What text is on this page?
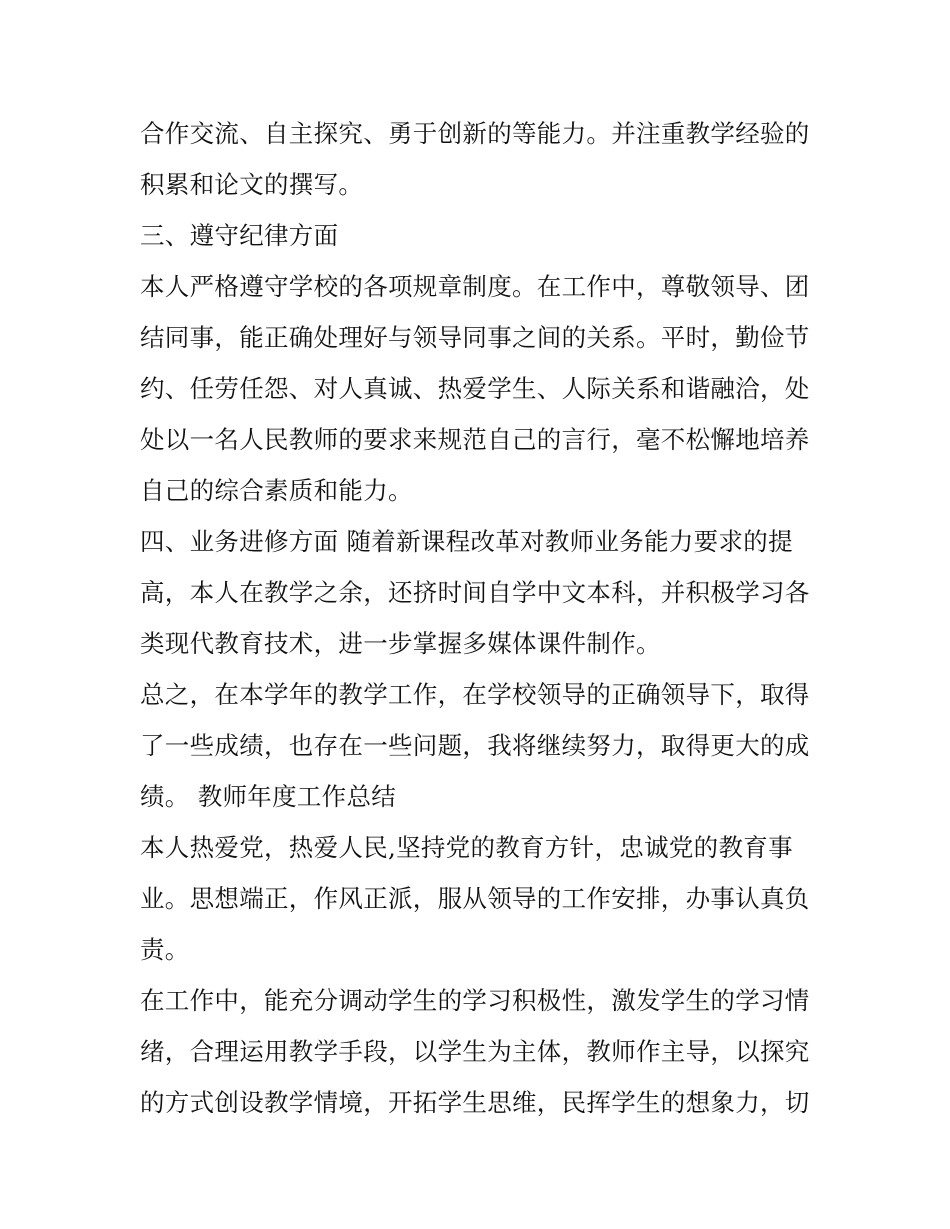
合作交流、自主探究、勇于创新的等能力。并注重教学经验的
积累和论文的撰写。
三、遵守纪律方面
本人严格遵守学校的各项规章制度。在工作中，尊敬领导、团
结同事，能正确处理好与领导同事之间的关系。平时，勤俭节
约、任劳任怨、对人真诚、热爱学生、人际关系和谐融洽，处
处以一名人民教师的要求来规范自己的言行，毫不松懈地培养
自己的综合素质和能力。
四、业务进修方面 随着新课程改革对教师业务能力要求的提
高，本人在教学之余，还挤时间自学中文本科，并积极学习各
类现代教育技术，进一步掌握多媒体课件制作。
总之，在本学年的教学工作，在学校领导的正确领导下，取得
了一些成绩，也存在一些问题，我将继续努力，取得更大的成
绩。 教师年度工作总结
本人热爱党，热爱人民,坚持党的教育方针，忠诚党的教育事
业。思想端正，作风正派，服从领导的工作安排，办事认真负
责。
在工作中，能充分调动学生的学习积极性，激发学生的学习情
绪，合理运用教学手段，以学生为主体，教师作主导，以探究
的方式创设教学情境，开拓学生思维，民挥学生的想象力，切
